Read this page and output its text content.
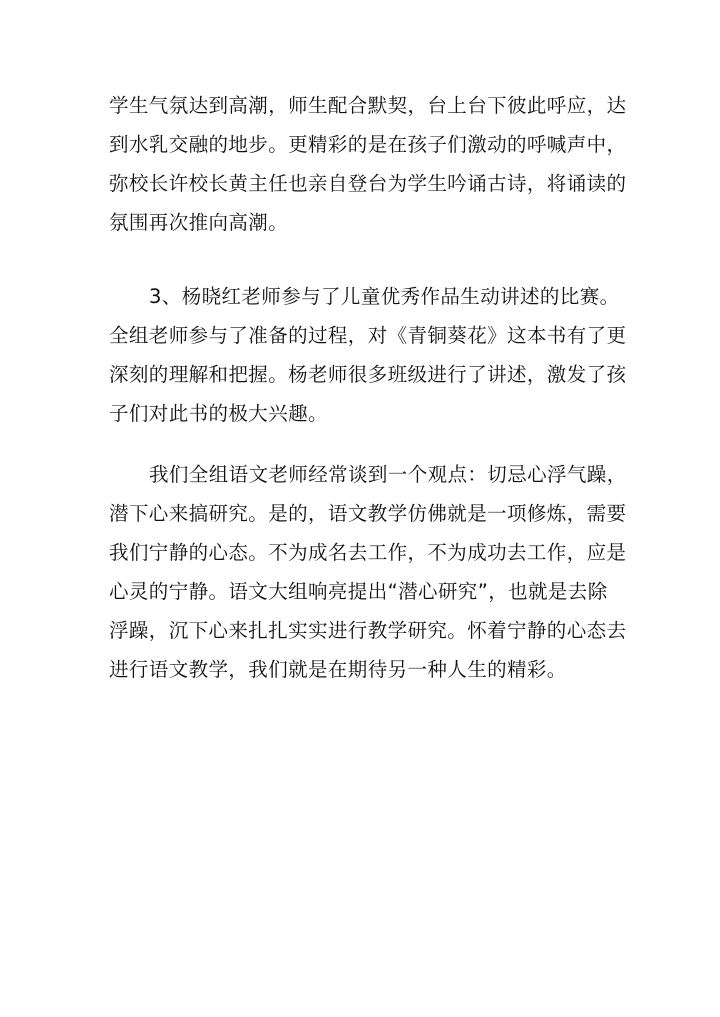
学生气氛达到高潮，师生配合默契，台上台下彼此呼应，达
到水乳交融的地步。更精彩的是在孩子们激动的呼喊声中，
弥校长许校长黄主任也亲自登台为学生吟诵古诗，将诵读的
氛围再次推向高潮。
3、杨晓红老师参与了儿童优秀作品生动讲述的比赛。
全组老师参与了准备的过程，对《青铜葵花》这本书有了更
深刻的理解和把握。杨老师很多班级进行了讲述，激发了孩
子们对此书的极大兴趣。
我们全组语文老师经常谈到一个观点：切忌心浮气躁，
潜下心来搞研究。是的，语文教学仿佛就是一项修炼，需要
我们宁静的心态。不为成名去工作，不为成功去工作，应是
心灵的宁静。语文大组响亮提出“潜心研究”，也就是去除
浮躁，沉下心来扎扎实实进行教学研究。怀着宁静的心态去
进行语文教学，我们就是在期待另一种人生的精彩。
